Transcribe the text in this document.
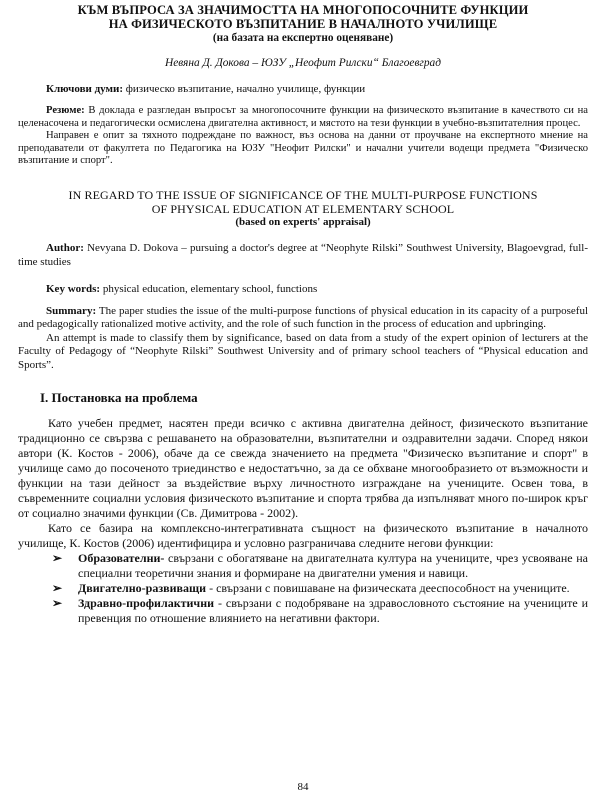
КЪМ ВЪПРОСА ЗА ЗНАЧИМОСТТА НА МНОГОПОСОЧНИТЕ ФУНКЦИИ
НА ФИЗИЧЕСКОТО ВЪЗПИТАНИЕ В НАЧАЛНОТО УЧИЛИЩЕ
(на базата на експертно оценяване)
Невяна Д. Докова – ЮЗУ „Неофит Рилски“ Благоевград
Ключови думи: физическо възпитание, начално училище, функции

Резюме: В доклада е разгледан въпросът за многопосочните функции на физическото възпитание в качеството си на целенасочена и педагогически осмислена двигателна активност, и мястото на тези функции в учебно-възпитателния процес.

Направен е опит за тяхното подреждане по важност, въз основа на данни от проучване на експертното мнение на преподаватели от факултета по Педагогика на ЮЗУ "Неофит Рилски" и начални учители водещи предмета "Физическо възпитание и спорт".

IN REGARD TO THE ISSUE OF SIGNIFICANCE OF THE MULTI-PURPOSE FUNCTIONS
OF PHYSICAL EDUCATION AT ELEMENTARY SCHOOL
(based on experts' appraisal)
Author: Nevyana D. Dokova – pursuing a doctor's degree at “Neophyte Rilski” Southwest University, Blagoevgrad, full-time studies
Key words: physical education, elementary school, functions

Summary: The paper studies the issue of the multi-purpose functions of physical education in its capacity of a purposeful and pedagogically rationalized motive activity, and the role of such function in the process of education and upbringing.

An attempt is made to classify them by significance, based on data from a study of the expert opinion of lecturers at the Faculty of Pedagogy of “Neophyte Rilski” Southwest University and of primary school teachers of “Physical education and Sports”.

I. Постановка на проблема

Като учебен предмет, насятен преди всичко с активна двигателна дейност, физическото възпитание традиционно се свързва с решаването на образователни, възпитателни и оздравителни задачи. Според някои автори (К. Костов - 2006), обаче да се свежда значението на предмета "Физическо възпитание и спорт" в училище само до посоченото триединство е недостатъчно, за да се обхване многообразието от възможности и функции на тази дейност за въздействие върху личностното изграждане на учениците. Освен това, в съвременните социални условия физическото възпитание и спорта трябва да изпълняват много по-широк кръг от социално значими функции (Св. Димитрова - 2002).

Като се базира на комплексно-интегративната същност на физическото възпитание в началното училище, К. Костов (2006) идентифицира и условно разграничава следните негови функции:

➢ Образователни- свързани с обогатяване на двигателната култура на учениците, чрез усвояване на специални теоретични знания и формиране на двигателни умения и навици.
➢ Двигателно-развиващи - свързани с повишаване на физическата дееспособност на учениците.
➢ Здравно-профилактични - свързани с подобряване на здравословното състояние на учениците и превенция по отношение влиянието на негативни фактори.
84
